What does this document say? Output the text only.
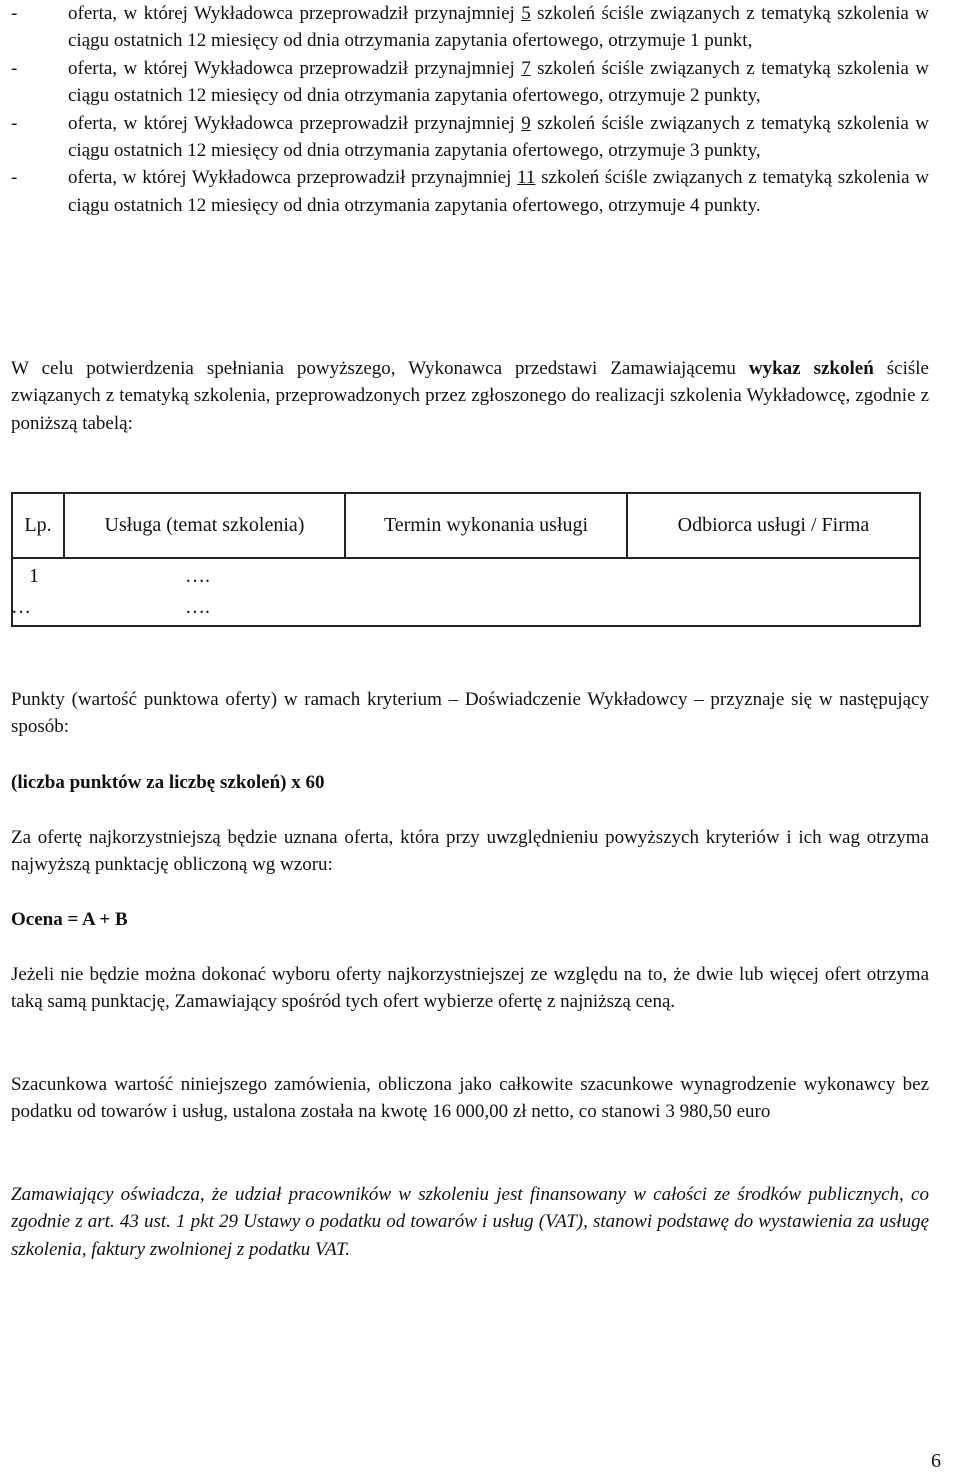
-	oferta, w której Wykładowca przeprowadził przynajmniej 5 szkoleń ściśle związanych z tematyką szkolenia w ciągu ostatnich 12 miesięcy od dnia otrzymania zapytania ofertowego, otrzymuje 1 punkt,
-	oferta, w której Wykładowca przeprowadził przynajmniej 7 szkoleń ściśle związanych z tematyką szkolenia w ciągu ostatnich 12 miesięcy od dnia otrzymania zapytania ofertowego, otrzymuje 2 punkty,
-	oferta, w której Wykładowca przeprowadził przynajmniej 9 szkoleń ściśle związanych z tematyką szkolenia w ciągu ostatnich 12 miesięcy od dnia otrzymania zapytania ofertowego, otrzymuje 3 punkty,
-	oferta, w której Wykładowca przeprowadził przynajmniej 11 szkoleń ściśle związanych z tematyką szkolenia w ciągu ostatnich 12 miesięcy od dnia otrzymania zapytania ofertowego, otrzymuje 4 punkty.
W celu potwierdzenia spełniania powyższego, Wykonawca przedstawi Zamawiającemu wykaz szkoleń ściśle związanych z tematyką szkolenia, przeprowadzonych przez zgłoszonego do realizacji szkolenia Wykładowcę, zgodnie z poniższą tabelą:
Lp.	Usługa (temat szkolenia)	Termin wykonania usługi	Odbiorca usługi / Firma
1	….
…	….
Punkty (wartość punktowa oferty) w ramach kryterium – Doświadczenie Wykładowcy – przyznaje się w następujący sposób:
(liczba punktów za liczbę szkoleń) x 60
Za ofertę najkorzystniejszą będzie uznana oferta, która przy uwzględnieniu powyższych kryteriów i ich wag otrzyma najwyższą punktację obliczoną wg wzoru:
Ocena = A + B
Jeżeli nie będzie można dokonać wyboru oferty najkorzystniejszej ze względu na to, że dwie lub więcej ofert otrzyma taką samą punktację, Zamawiający spośród tych ofert wybierze ofertę z najniższą ceną.
Szacunkowa wartość niniejszego zamówienia, obliczona jako całkowite szacunkowe wynagrodzenie wykonawcy bez podatku od towarów i usług, ustalona została na kwotę 16 000,00 zł netto, co stanowi 3 980,50 euro
Zamawiający oświadcza, że udział pracowników w szkoleniu jest finansowany w całości ze środków publicznych, co zgodnie z art. 43 ust. 1 pkt 29 Ustawy o podatku od towarów i usług (VAT), stanowi podstawę do wystawienia za usługę szkolenia, faktury zwolnionej z podatku VAT.
6
